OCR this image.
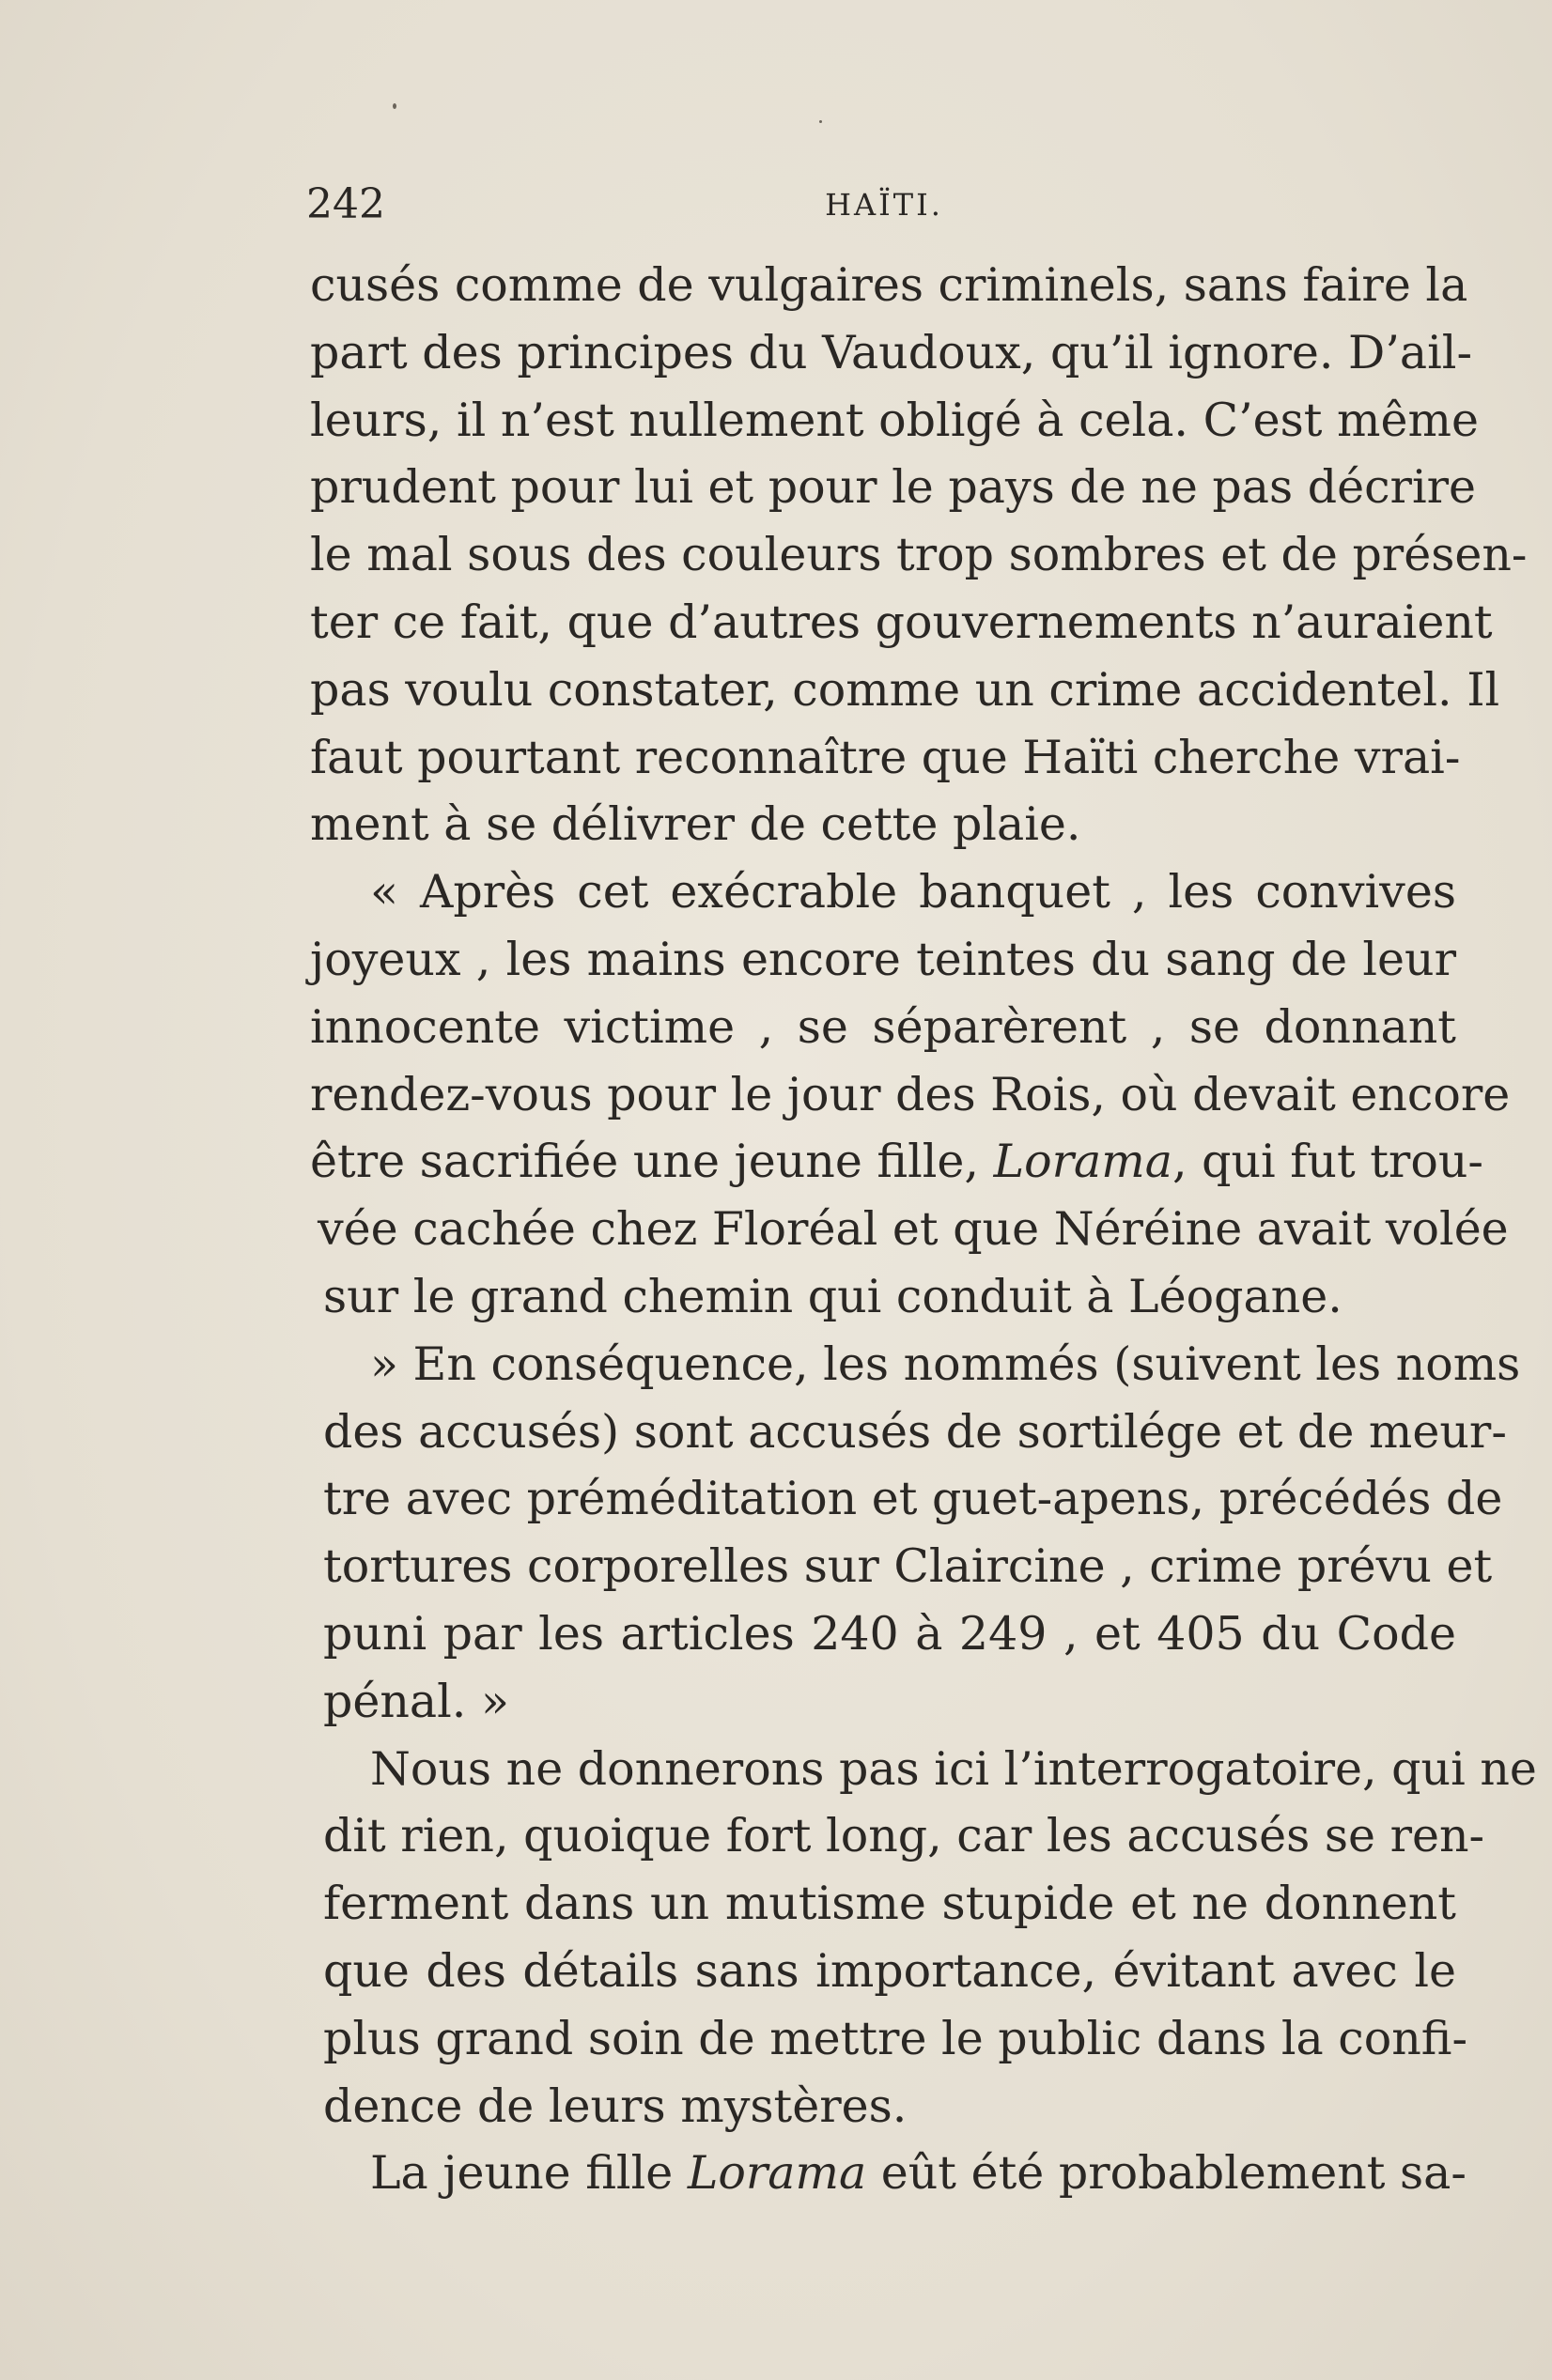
242	HAÏTI.
cusés comme de vulgaires criminels, sans faire la
part des principes du Vaudoux, qu’il ignore. D’ail-
leurs, il n’est nullement obligé à cela. C’est même
prudent pour lui et pour le pays de ne pas décrire
le mal sous des couleurs trop sombres et de présen-
ter ce fait, que d’autres gouvernements n’auraient
pas voulu constater, comme un crime accidentel. Il
faut pourtant reconnaître que Haïti cherche vrai-
ment à se délivrer de cette plaie.
« Après cet exécrable banquet , les convives
joyeux , les mains encore teintes du sang de leur
innocente victime , se séparèrent , se donnant
rendez-vous pour le jour des Rois, où devait encore
être sacrifiée une jeune fille, Lorama, qui fut trou-
vée cachée chez Floréal et que Néréine avait volée
sur le grand chemin qui conduit à Léogane.
» En conséquence, les nommés (suivent les noms
des accusés) sont accusés de sortilége et de meur-
tre avec préméditation et guet-apens, précédés de
tortures corporelles sur Claircine , crime prévu et
puni par les articles 240 à 249 , et 405 du Code
pénal. »
Nous ne donnerons pas ici l’interrogatoire, qui ne
dit rien, quoique fort long, car les accusés se ren-
ferment dans un mutisme stupide et ne donnent
que des détails sans importance, évitant avec le
plus grand soin de mettre le public dans la confi-
dence de leurs mystères.
La jeune fille Lorama eût été probablement sa-
